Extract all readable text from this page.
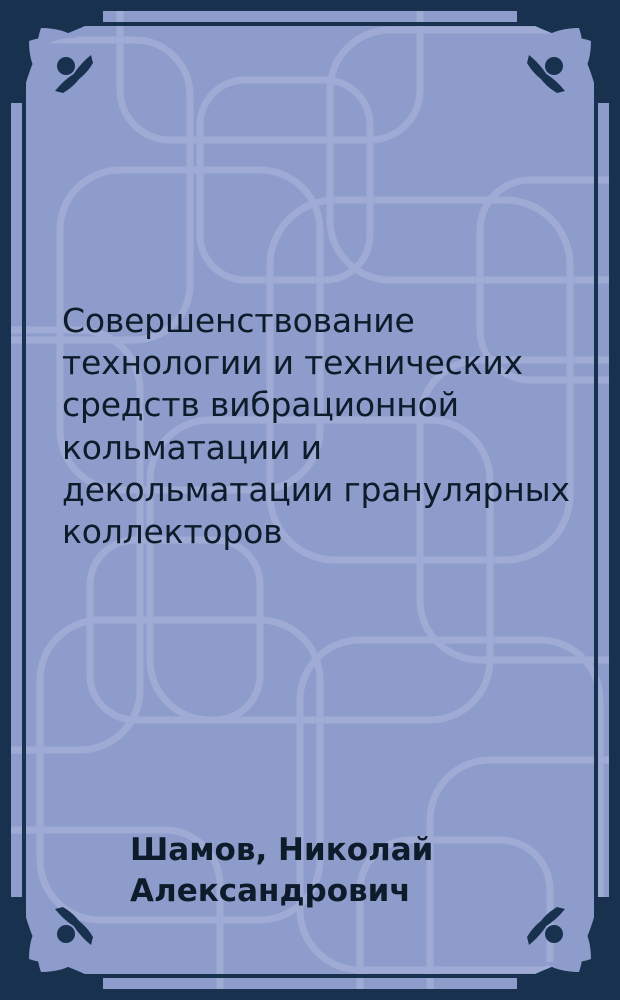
Совершенствование технологии и технических средств вибрационной кольматации и декольматации гранулярных коллекторов
Шамов, Николай Александрович
